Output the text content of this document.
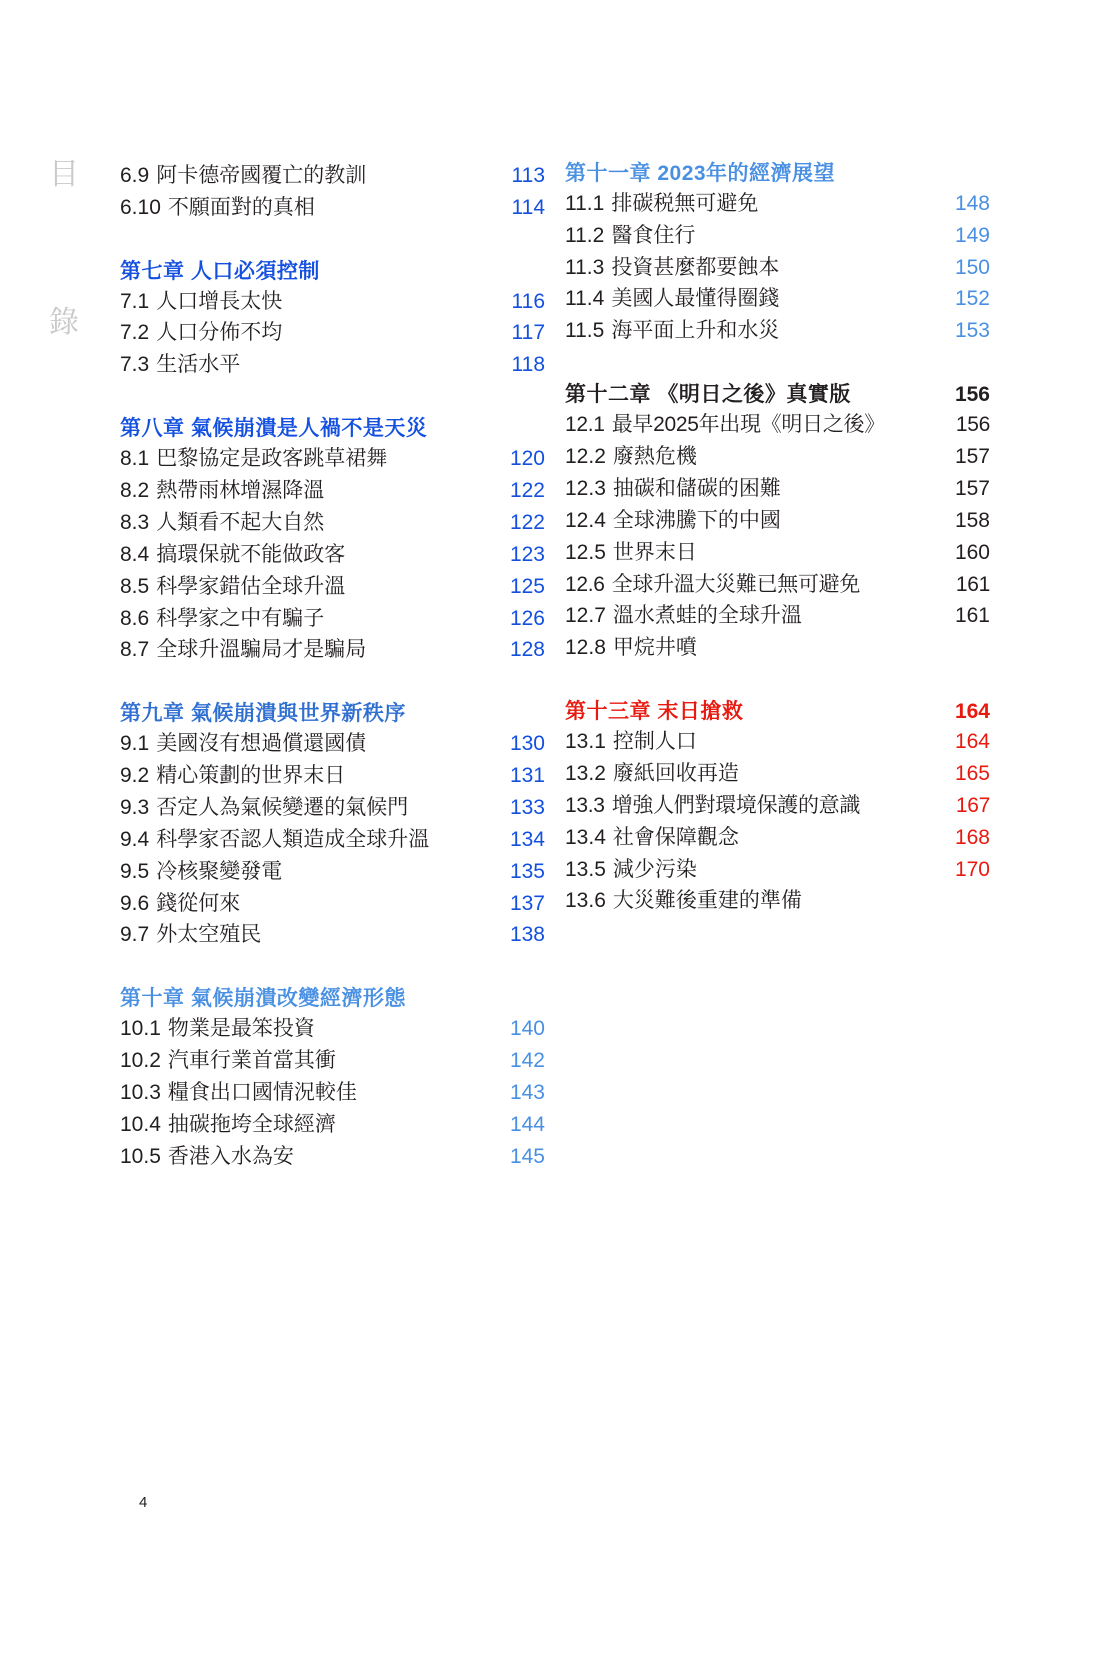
目
錄
6.9 阿卡德帝國覆亡的教訓	113
6.10 不願面對的真相	114
第七章 人口必須控制
7.1 人口增長太快	116
7.2 人口分佈不均	117
7.3 生活水平	118
第八章 氣候崩潰是人禍不是天災
8.1 巴黎協定是政客跳草裙舞	120
8.2 熱帶雨林增濕降溫	122
8.3 人類看不起大自然	122
8.4 搞環保就不能做政客	123
8.5 科學家錯估全球升溫	125
8.6 科學家之中有騙子	126
8.7 全球升溫騙局才是騙局	128
第九章 氣候崩潰與世界新秩序
9.1 美國沒有想過償還國債	130
9.2 精心策劃的世界末日	131
9.3 否定人為氣候變遷的氣候門	133
9.4 科學家否認人類造成全球升溫	134
9.5 冷核聚變發電	135
9.6 錢從何來	137
9.7 外太空殖民	138
第十章 氣候崩潰改變經濟形態
10.1 物業是最笨投資	140
10.2 汽車行業首當其衝	142
10.3 糧食出口國情況較佳	143
10.4 抽碳拖垮全球經濟	144
10.5 香港入水為安	145
第十一章 2023年的經濟展望
11.1 排碳税無可避免	148
11.2 醫食住行	149
11.3 投資甚麼都要蝕本	150
11.4 美國人最懂得圈錢	152
11.5 海平面上升和水災	153
第十二章 《明日之後》真實版	156
12.1 最早2025年出現《明日之後》	156
12.2 廢熱危機	157
12.3 抽碳和儲碳的困難	157
12.4 全球沸騰下的中國	158
12.5 世界末日	160
12.6 全球升溫大災難已無可避免	161
12.7 溫水煮蛙的全球升溫	161
12.8 甲烷井噴
第十三章 末日搶救	164
13.1 控制人口	164
13.2 廢紙回收再造	165
13.3 增強人們對環境保護的意識	167
13.4 社會保障觀念	168
13.5 減少污染	170
13.6 大災難後重建的準備
4
